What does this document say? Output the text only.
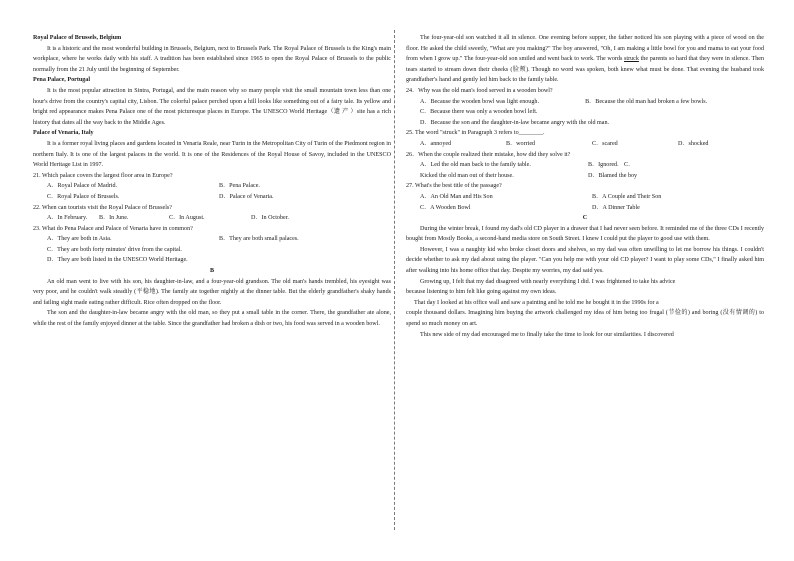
Royal Palace of Brussels, Belgium

It is a historic and the most wonderful building in Brussels, Belgium, next to Brussels Park. The Royal Palace of Brussels is the King's main workplace, where he works daily with his staff. A tradition has been established since 1965 to open the Royal Palace of Brussels to the public normally from the 21 July until the beginning of September.

Pena Palace, Portugal

It is the most popular attraction in Sintra, Portugal, and the main reason why so many people visit the small mountain town less than one hour's drive from the country's capital city, Lisbon. The colorful palace perched upon a hill looks like something out of a fairy tale. Its yellow and bright red appearance makes Pena Palace one of the most picturesque places in Europe. The UNESCO World Heritage（遗 产 ）site has a rich history that dates all the way back to the Middle Ages.

Palace of Venaria, Italy

It is a former royal living places and gardens located in Venaria Reale, near Turin in the Metropolitan City of Turin of the Piedmont region in northern Italy. It is one of the largest palaces in the world. It is one of the Residences of the Royal House of Savoy, included in the UNESCO World Heritage List in 1997.

21. Which palace covers the largest floor area in Europe?

A．Royal Palace of Madrid.	B．Pena Palace.
C．Royal Palace of Brussels.	D．Palace of Venaria.

22. When can tourists visit the Royal Palace of Brussels?

A．In February.	B．In June.	C．In August.	D．In October.

23. What do Pena Palace and Palace of Venaria have in common?

A．They are both in Asia.	B．They are both small palaces.

C．They are both forty minutes' drive from the capital.

D．They are both listed in the UNESCO World Heritage.

B

An old man went to live with his son, his daughter-in-law, and a four-year-old grandson. The old man's hands trembled, his eyesight was very poor, and he couldn't walk steadily (平稳地). The family ate together nightly at the dinner table. But the elderly grandfather's shaky hands and failing sight made eating rather difficult. Rice often dropped on the floor.

The son and the daughter-in-law became angry with the old man, so they put a small table in the corner. There, the grandfather ate alone, while the rest of the family enjoyed dinner at the table. Since the grandfather had broken a dish or two, his food was served in a wooden bowl.

The four-year-old son watched it all in silence. One evening before supper, the father noticed his son playing with a piece of wood on the floor. He asked the child sweetly, "What are you making?" The boy answered, "Oh, I am making a little bowl for you and mama to eat your food from when I grow up." The four-year-old son smiled and went back to work. The words struck the parents so hard that they were in silence. Then tears started to stream down their cheeks (脸颊). Though no word was spoken, both knew what must be done. That evening the husband took grandfather's hand and gently led him back to the family table.

24．Why was the old man's food served in a wooden bowl?

A．Because the wooden bowl was light enough.	B．Because the old man had broken a few bowls.

C．Because there was only a wooden bowl left.

D．Because the son and the daughter-in-law became angry with the old man.

25. The word "struck" in Paragraph 3 refers to________.

A．annoyed	B．worried	C．scared	D．shocked

26．When the couple realized their mistake, how did they solve it?

A．Led the old man back to the family table.	B．Ignored. C．
Kicked the old man out of their house.	D．Blamed the boy

27. What's the best title of the passage?

A．An Old Man and His Son	B．A Couple and Their Son
C．A Wooden Bowl	D．A Dinner Table

C

During the winter break, I found my dad's old CD player in a drawer that I had never seen before. It reminded me of the three CDs I recently bought from Mostly Books, a second-hand media store on South Street. I knew I could put the player to good use with them.

However, I was a naughty kid who broke closet doors and shelves, so my dad was often unwilling to let me borrow his things. I couldn't decide whether to ask my dad about using the player. "Can you help me with your old CD player? I want to play some CDs," I finally asked him after walking into his home office that day. Despite my worries, my dad said yes.

Growing up, I felt that my dad disagreed with nearly everything I did. I was frightened to take his advice

because listening to him felt like going against my own ideas.

That day I looked at his office wall and saw a painting and he told me he bought it in the 1990s for a

couple thousand dollars. Imagining him buying the artwork challenged my idea of him being too frugal (节俭的) and boring (没有情调的) to spend so much money on art.

This new side of my dad encouraged me to finally take the time to look for our similarities. I discovered
